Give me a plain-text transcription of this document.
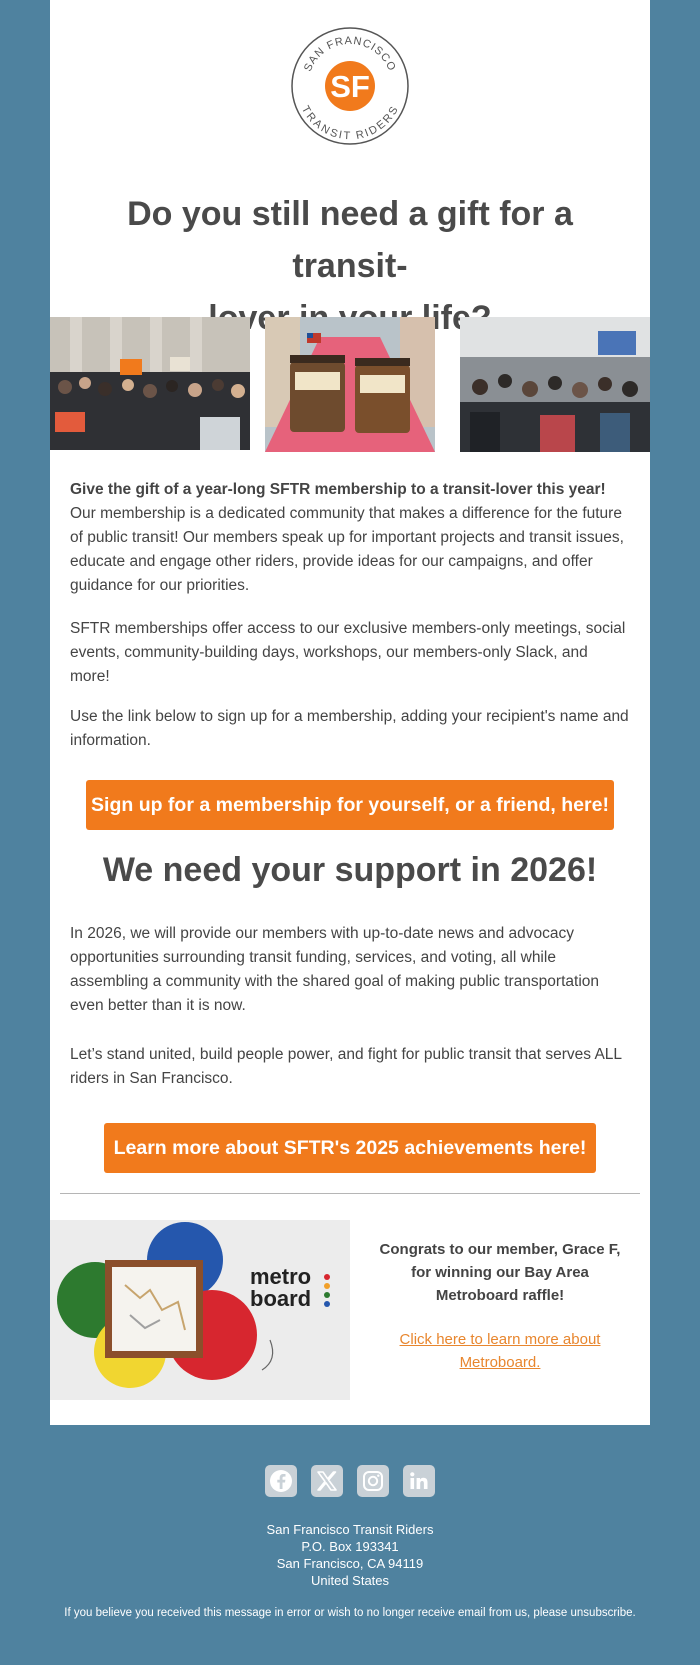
SF
SAN FRANCISCO
TRANSIT RIDERS
Do you still need a gift for a transit-
life?

Give the gift of a year-long SFTR membership to a transit-lover this year! Our membership is a dedicated community that makes a difference for the future of public transit! Our members speak up for important projects and transit issues, educate and engage other riders, provide ideas for our campaigns, and offer guidance for our priorities.

SFTR memberships offer access to our exclusive members-only meetings, social events, community-building days, workshops, our members-only Slack, and more!

Use the link below to sign up for a membership, adding your recipient's name and information.

Sign up for a membership for yourself, or a friend, here!
We need your support in 2026!

In 2026, we will provide our members with up-to-date news and advocacy opportunities surrounding transit funding, services, and voting, all while assembling a community with the shared goal of making public transportation even better than it is now.

Let’s stand united, build people power, and fight for public transit that serves ALL riders in San Francisco.

Learn more about SFTR's 2025 achievements here!
metro
board
Congrats to our member, Grace F, for winning our Bay Area Metroboard raffle!
Click here to learn more about Metroboard.
San Francisco Transit Riders
P.O. Box 193341
San Francisco, CA 94119
United States
If you believe you received this message in error or wish to no longer receive email from us, please unsubscribe.
